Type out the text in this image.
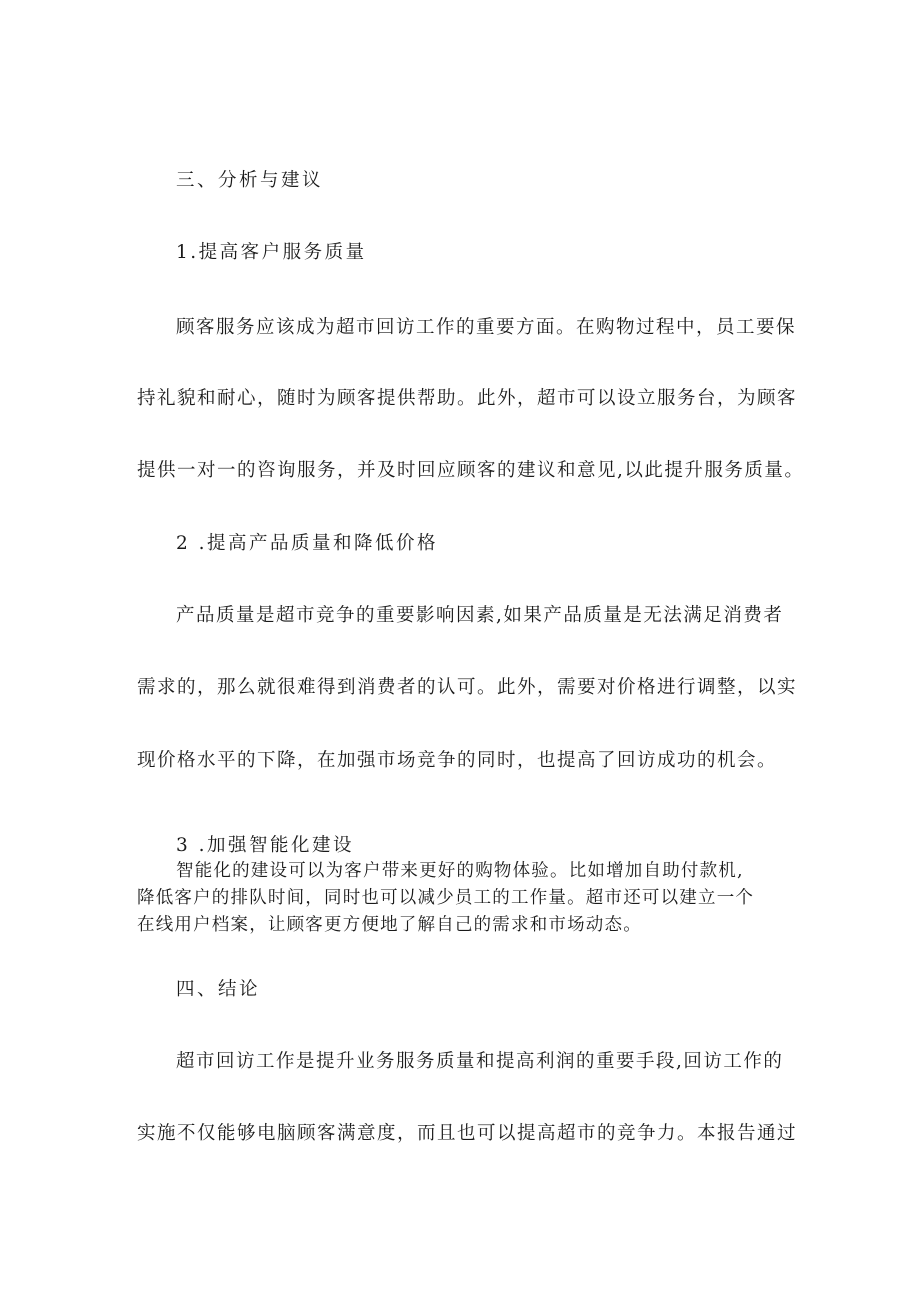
三、分析与建议
1.提高客户服务质量
顾客服务应该成为超市回访工作的重要方面。在购物过程中，员工要保
持礼貌和耐心，随时为顾客提供帮助。此外，超市可以设立服务台，为顾客
提供一对一的咨询服务，并及时回应顾客的建议和意见,以此提升服务质量。
2 .提高产品质量和降低价格
产品质量是超市竞争的重要影响因素,如果产品质量是无法满足消费者
需求的，那么就很难得到消费者的认可。此外，需要对价格进行调整，以实
现价格水平的下降，在加强市场竞争的同时，也提高了回访成功的机会。
3 .加强智能化建设
智能化的建设可以为客户带来更好的购物体验。比如增加自助付款机,
降低客户的排队时间，同时也可以减少员工的工作量。超市还可以建立一个
在线用户档案，让顾客更方便地了解自己的需求和市场动态。
四、结论
超市回访工作是提升业务服务质量和提高利润的重要手段,回访工作的
实施不仅能够电脑顾客满意度，而且也可以提高超市的竞争力。本报告通过
